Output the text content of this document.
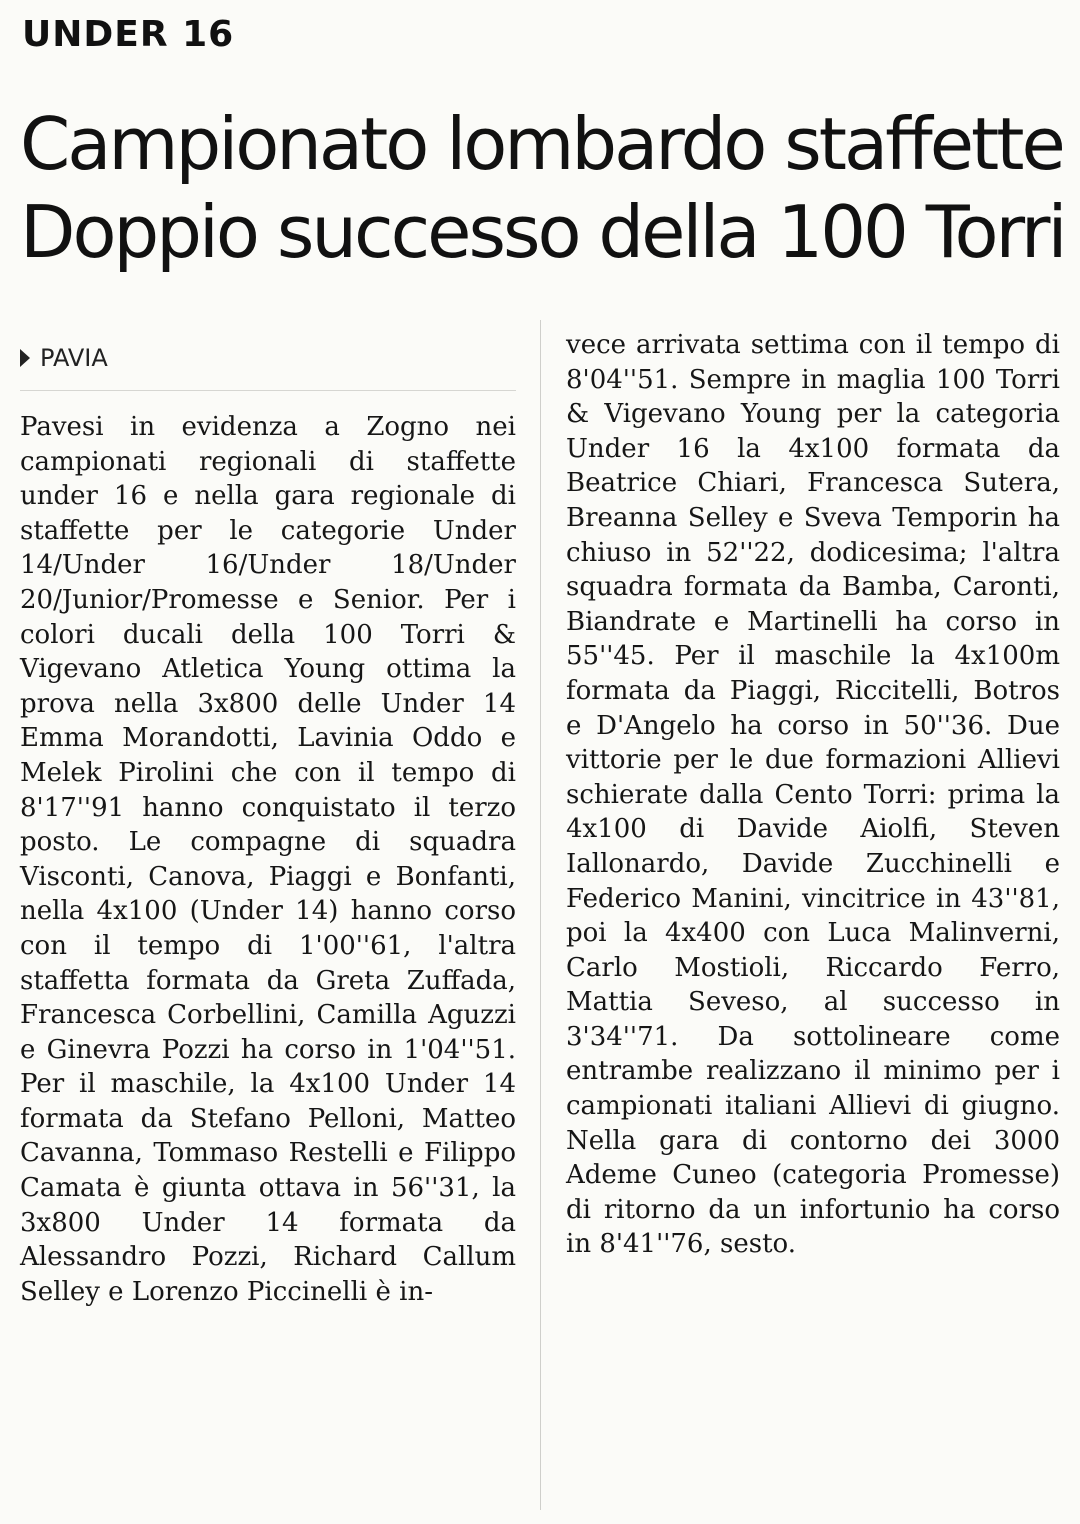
UNDER 16
Campionato lombardo staffette
Doppio successo della 100 Torri
PAVIA
Pavesi in evidenza a Zogno nei campionati regionali di staffette under 16 e nella gara regionale di staffette per le categorie Under 14/Under 16/Under 18/Under 20/Junior/Promesse e Senior. Per i colori ducali della 100 Torri & Vigevano Atletica Young ottima la prova nella 3x800 delle Under 14 Emma Morandotti, Lavinia Oddo e Melek Pirolini che con il tempo di 8'17''91 hanno conquistato il terzo posto. Le compagne di squadra Visconti, Canova, Piaggi e Bonfanti, nella 4x100 (Under 14) hanno corso con il tempo di 1'00''61, l'altra staffetta formata da Greta Zuffada, Francesca Corbellini, Camilla Aguzzi e Ginevra Pozzi ha corso in 1'04''51. Per il maschile, la 4x100 Under 14 formata da Stefano Pelloni, Matteo Cavanna, Tommaso Restelli e Filippo Camata è giunta ottava in 56''31, la 3x800 Under 14 formata da Alessandro Pozzi, Richard Callum Selley e Lorenzo Piccinelli è in-
vece arrivata settima con il tempo di 8'04''51. Sempre in maglia 100 Torri & Vigevano Young per la categoria Under 16 la 4x100 formata da Beatrice Chiari, Francesca Sutera, Breanna Selley e Sveva Temporin ha chiuso in 52''22, dodicesima; l'altra squadra formata da Bamba, Caronti, Biandrate e Martinelli ha corso in 55''45. Per il maschile la 4x100m formata da Piaggi, Riccitelli, Botros e D'Angelo ha corso in 50''36. Due vittorie per le due formazioni Allievi schierate dalla Cento Torri: prima la 4x100 di Davide Aiolfi, Steven Iallonardo, Davide Zucchinelli e Federico Manini, vincitrice in 43''81, poi la 4x400 con Luca Malinverni, Carlo Mostioli, Riccardo Ferro, Mattia Seveso, al successo in 3'34''71. Da sottolineare come entrambe realizzano il minimo per i campionati italiani Allievi di giugno. Nella gara di contorno dei 3000 Ademe Cuneo (categoria Promesse) di ritorno da un infortunio ha corso in 8'41''76, sesto.
